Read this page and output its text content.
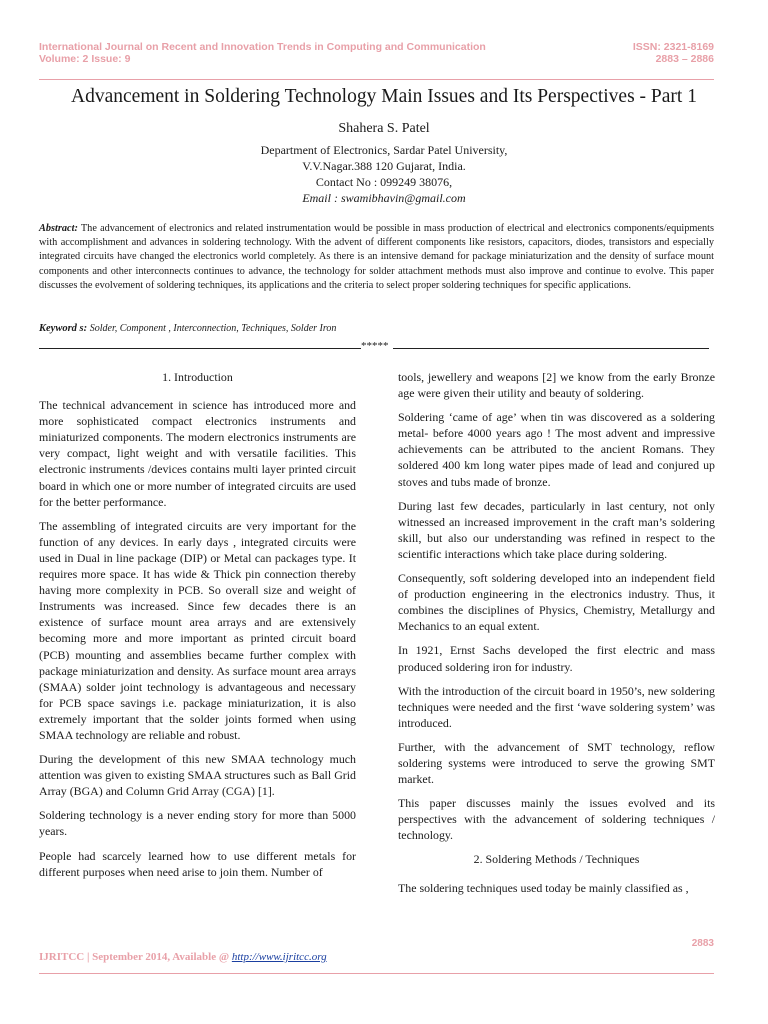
International Journal on Recent and Innovation Trends in Computing and Communication
Volume: 2 Issue: 9
ISSN: 2321-8169
2883 – 2886
Advancement in Soldering Technology Main Issues and Its Perspectives - Part 1
Shahera S. Patel
Department of Electronics, Sardar Patel University,
V.V.Nagar.388 120 Gujarat, India.
Contact No : 099249 38076,
Email : swamibhavin@gmail.com
Abstract: The advancement of electronics and related instrumentation would be possible in mass production of electrical and electronics components/equipments with accomplishment and advances in soldering technology. With the advent of different components like resistors, capacitors, diodes, transistors and especially integrated circuits have changed the electronics world completely. As there is an intensive demand for package miniaturization and the density of surface mount components and other interconnects continues to advance, the technology for solder attachment methods must also improve and continue to evolve. This paper discusses the evolvement of soldering techniques, its applications and the criteria to select proper soldering techniques for specific applications.
Keyword s: Solder, Component , Interconnection, Techniques, Solder Iron
*****

1. Introduction

The technical advancement in science has introduced more and more sophisticated compact electronics instruments and miniaturized components. The modern electronics instruments are very compact, light weight and with versatile facilities. This electronic instruments /devices contains multi layer printed circuit board in which one or more number of integrated circuits are used for the better performance.

The assembling of integrated circuits are very important for the function of any devices. In early days , integrated circuits were used in Dual in line package (DIP) or Metal can packages type. It requires more space. It has wide & Thick pin connection thereby having more complexity in PCB. So overall size and weight of Instruments was increased. Since few decades there is an existence of surface mount area arrays and are extensively becoming more and more important as printed circuit board (PCB) mounting and assemblies became further complex with package miniaturization and density. As surface mount area arrays (SMAA) solder joint technology is advantageous and necessary for PCB space savings i.e. package miniaturization, it is also extremely important that the solder joints formed when using SMAA technology are reliable and robust.

During the development of this new SMAA technology much attention was given to existing SMAA structures such as Ball Grid Array (BGA) and Column Grid Array (CGA) [1].

Soldering technology is a never ending story for more than 5000 years.

People had scarcely learned how to use different metals for different purposes when need arise to join them. Number of

tools, jewellery and weapons [2] we know from the early Bronze age were given their utility and beauty of soldering.

Soldering ‘came of age’ when tin was discovered as a soldering metal- before 4000 years ago ! The most advent and impressive achievements can be attributed to the ancient Romans. They soldered 400 km long water pipes made of lead and conjured up stoves and tubs made of bronze.

During last few decades, particularly in last century, not only witnessed an increased improvement in the craft man’s soldering skill, but also our understanding was refined in respect to the scientific interactions which take place during soldering.

Consequently, soft soldering developed into an independent field of production engineering in the electronics industry. Thus, it combines the disciplines of Physics, Chemistry, Metallurgy and Mechanics to an equal extent.

In 1921, Ernst Sachs developed the first electric and mass produced soldering iron for industry.

With the introduction of the circuit board in 1950’s, new soldering techniques were needed and the first ‘wave soldering system’ was introduced.

Further, with the advancement of SMT technology, reflow soldering systems were introduced to serve the growing SMT market.

This paper discusses mainly the issues evolved and its perspectives with the advancement of soldering techniques / technology.

2. Soldering Methods / Techniques

The soldering techniques used today be mainly classified as ,

2883
IJRITCC | September 2014, Available @ http://www.ijritcc.org
